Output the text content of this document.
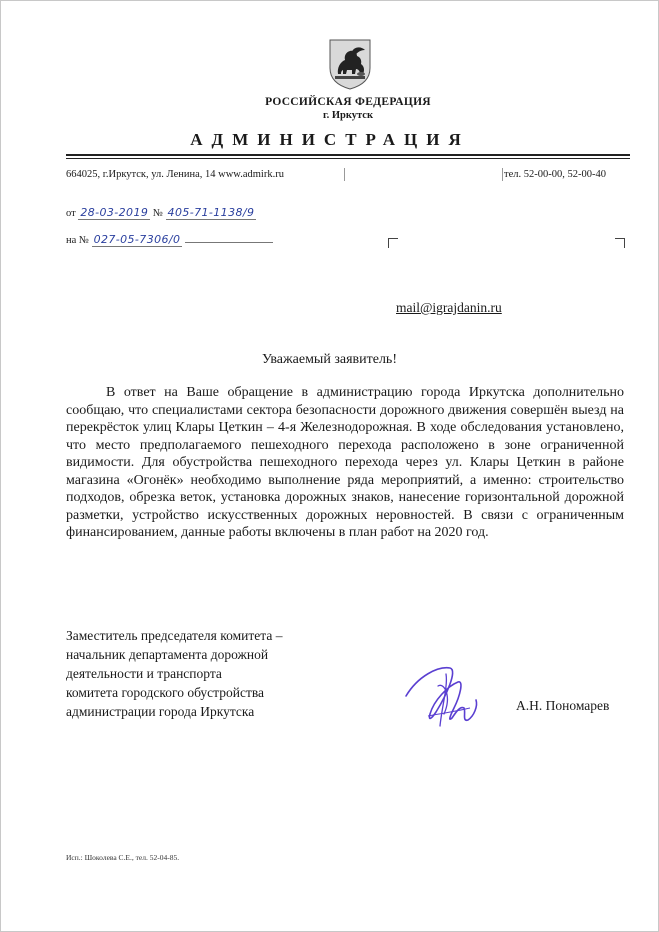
РОССИЙСКАЯ ФЕДЕРАЦИЯ
г. Иркутск
АДМИНИСТРАЦИЯ
664025, г.Иркутск, ул. Ленина, 14 www.admirk.ru	тел. 52-00-00, 52-00-40
от 28-03-2019 № 405-71-1138/9
на № 027-05-7306/0
mail@igrajdanin.ru
Уважаемый заявитель!
В ответ на Ваше обращение в администрацию города Иркутска дополнительно сообщаю, что специалистами сектора безопасности дорожного движения совершён выезд на перекрёсток улиц Клары Цеткин – 4-я Железнодорожная. В ходе обследования установлено, что место предполагаемого пешеходного перехода расположено в зоне ограниченной видимости. Для обустройства пешеходного перехода через ул. Клары Цеткин в районе магазина «Огонёк» необходимо выполнение ряда мероприятий, а именно: строительство подходов, обрезка веток, установка дорожных знаков, нанесение горизонтальной дорожной разметки, устройство искусственных дорожных неровностей. В связи с ограниченным финансированием, данные работы включены в план работ на 2020 год.
Заместитель председателя комитета –
начальник департамента дорожной
деятельности и транспорта
комитета городского обустройства
администрации города Иркутска	А.Н. Пономарев
Исп.: Шоколева С.Е., тел. 52-04-85.
